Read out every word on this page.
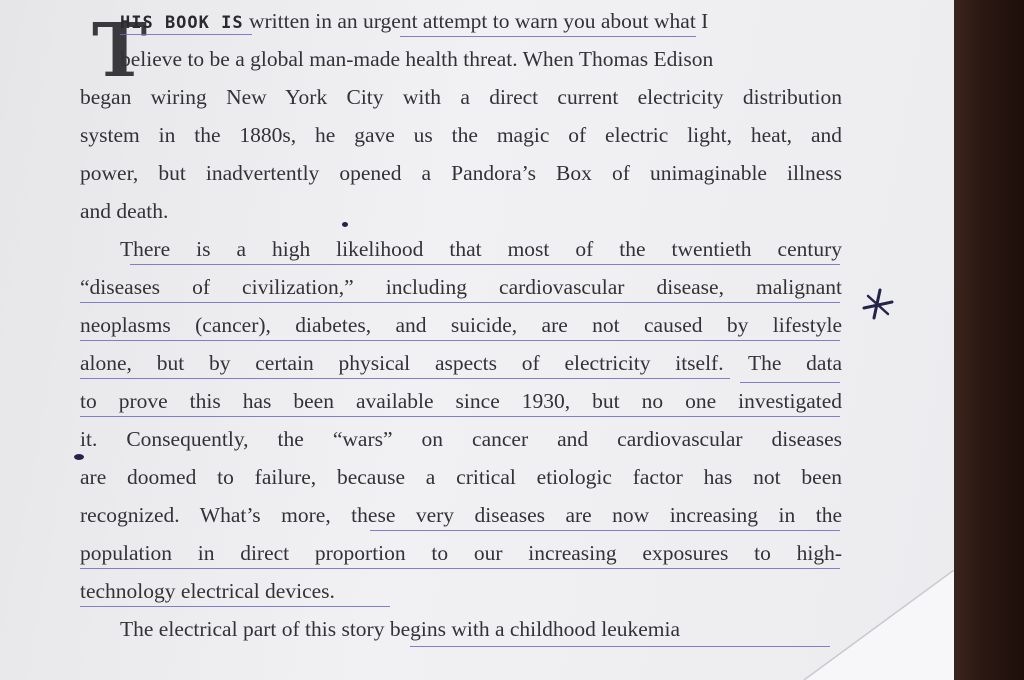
T
HIS BOOK IS written in an urgent attempt to warn you about what I
believe to be a global man-made health threat. When Thomas Edison
began wiring New York City with a direct current electricity distribution
system in the 1880s, he gave us the magic of electric light, heat, and
power, but inadvertently opened a Pandora’s Box of unimaginable illness
and death.
There is a high likelihood that most of the twentieth century
“diseases of civilization,” including cardiovascular disease, malignant
neoplasms (cancer), diabetes, and suicide, are not caused by lifestyle
alone, but by certain physical aspects of electricity itself. The data
to prove this has been available since 1930, but no one investigated
it. Consequently, the “wars” on cancer and cardiovascular diseases
are doomed to failure, because a critical etiologic factor has not been
recognized. What’s more, these very diseases are now increasing in the
population in direct proportion to our increasing exposures to high-
technology electrical devices.
The electrical part of this story begins with a childhood leukemia
